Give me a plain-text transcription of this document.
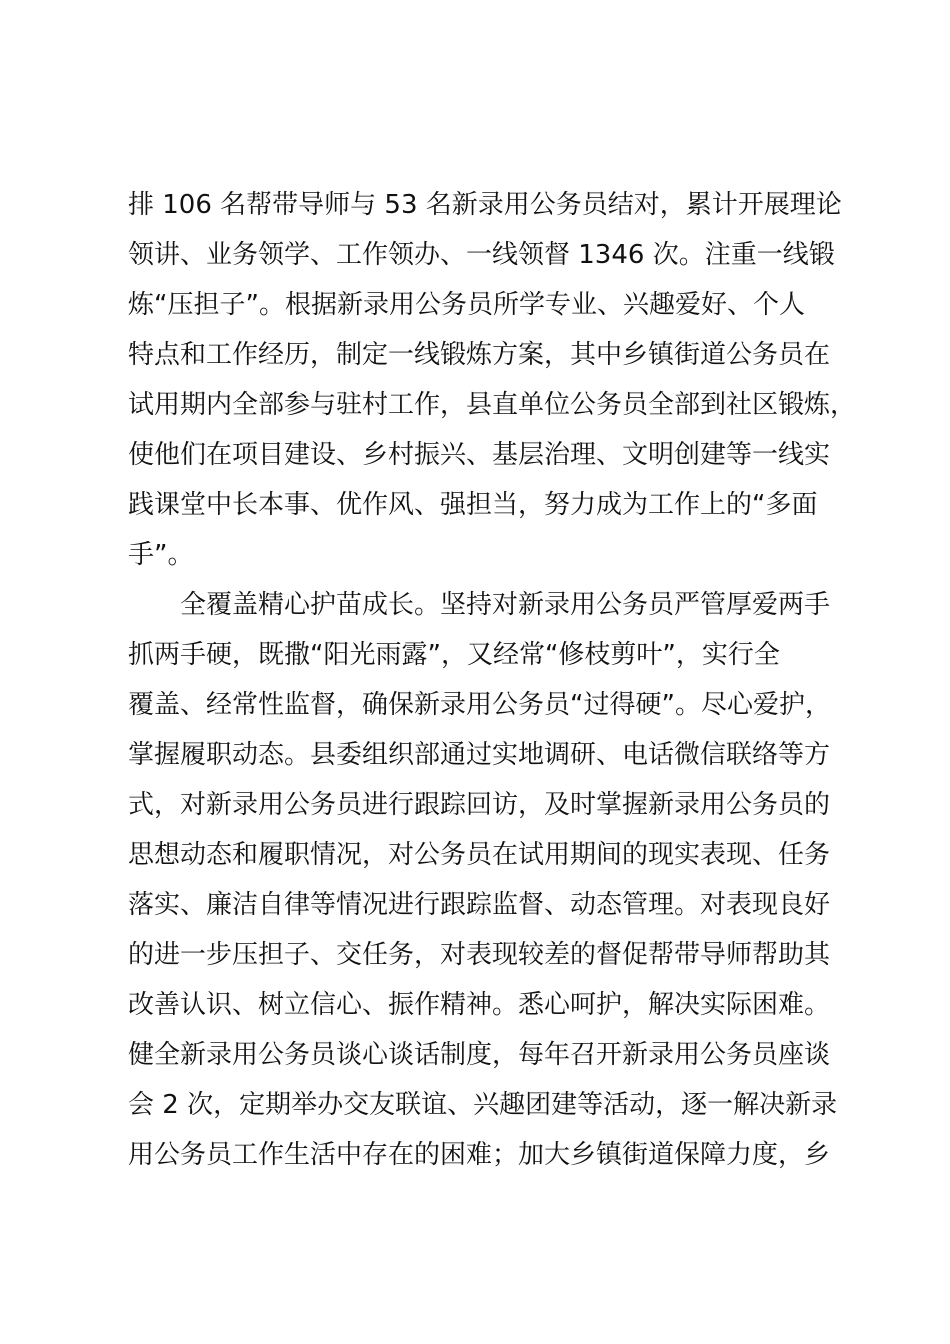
排 106 名帮带导师与 53 名新录用公务员结对，累计开展理论
领讲、业务领学、工作领办、一线领督 1346 次。注重一线锻
炼“压担子”。根据新录用公务员所学专业、兴趣爱好、个人
特点和工作经历，制定一线锻炼方案，其中乡镇街道公务员在
试用期内全部参与驻村工作，县直单位公务员全部到社区锻炼，
使他们在项目建设、乡村振兴、基层治理、文明创建等一线实
践课堂中长本事、优作风、强担当，努力成为工作上的“多面
手”。
　　全覆盖精心护苗成长。坚持对新录用公务员严管厚爱两手
抓两手硬，既撒“阳光雨露”，又经常“修枝剪叶”，实行全
覆盖、经常性监督，确保新录用公务员“过得硬”。尽心爱护，
掌握履职动态。县委组织部通过实地调研、电话微信联络等方
式，对新录用公务员进行跟踪回访，及时掌握新录用公务员的
思想动态和履职情况，对公务员在试用期间的现实表现、任务
落实、廉洁自律等情况进行跟踪监督、动态管理。对表现良好
的进一步压担子、交任务，对表现较差的督促帮带导师帮助其
改善认识、树立信心、振作精神。悉心呵护，解决实际困难。
健全新录用公务员谈心谈话制度，每年召开新录用公务员座谈
会 2 次，定期举办交友联谊、兴趣团建等活动，逐一解决新录
用公务员工作生活中存在的困难；加大乡镇街道保障力度，乡
